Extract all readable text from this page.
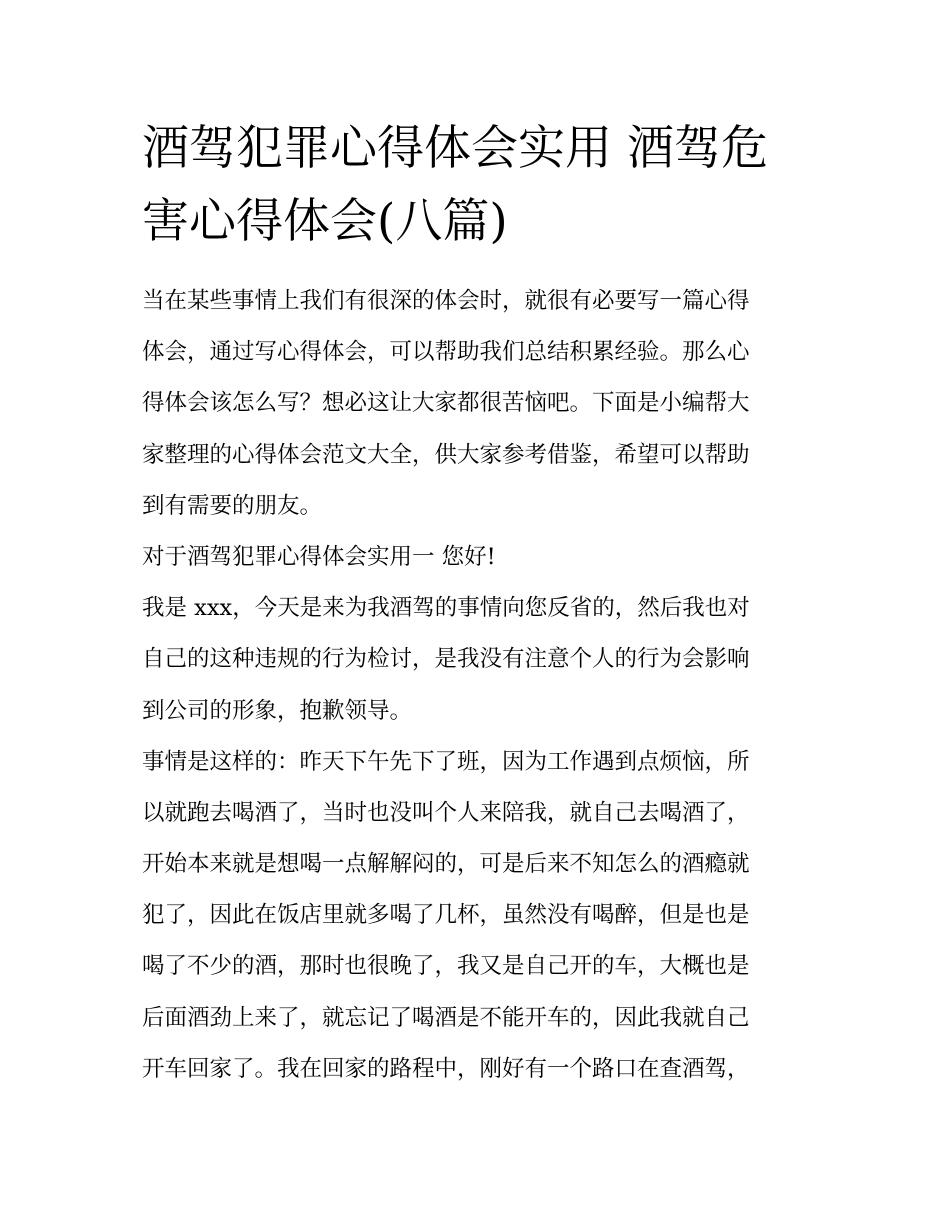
酒驾犯罪心得体会实用 酒驾危
害心得体会(八篇)
当在某些事情上我们有很深的体会时，就很有必要写一篇心得
体会，通过写心得体会，可以帮助我们总结积累经验。那么心
得体会该怎么写？想必这让大家都很苦恼吧。下面是小编帮大
家整理的心得体会范文大全，供大家参考借鉴，希望可以帮助
到有需要的朋友。
对于酒驾犯罪心得体会实用一 您好!
我是 xxx，今天是来为我酒驾的事情向您反省的，然后我也对
自己的这种违规的行为检讨，是我没有注意个人的行为会影响
到公司的形象，抱歉领导。
事情是这样的：昨天下午先下了班，因为工作遇到点烦恼，所
以就跑去喝酒了，当时也没叫个人来陪我，就自己去喝酒了，
开始本来就是想喝一点解解闷的，可是后来不知怎么的酒瘾就
犯了，因此在饭店里就多喝了几杯，虽然没有喝醉，但是也是
喝了不少的酒，那时也很晚了，我又是自己开的车，大概也是
后面酒劲上来了，就忘记了喝酒是不能开车的，因此我就自己
开车回家了。我在回家的路程中，刚好有一个路口在查酒驾，
